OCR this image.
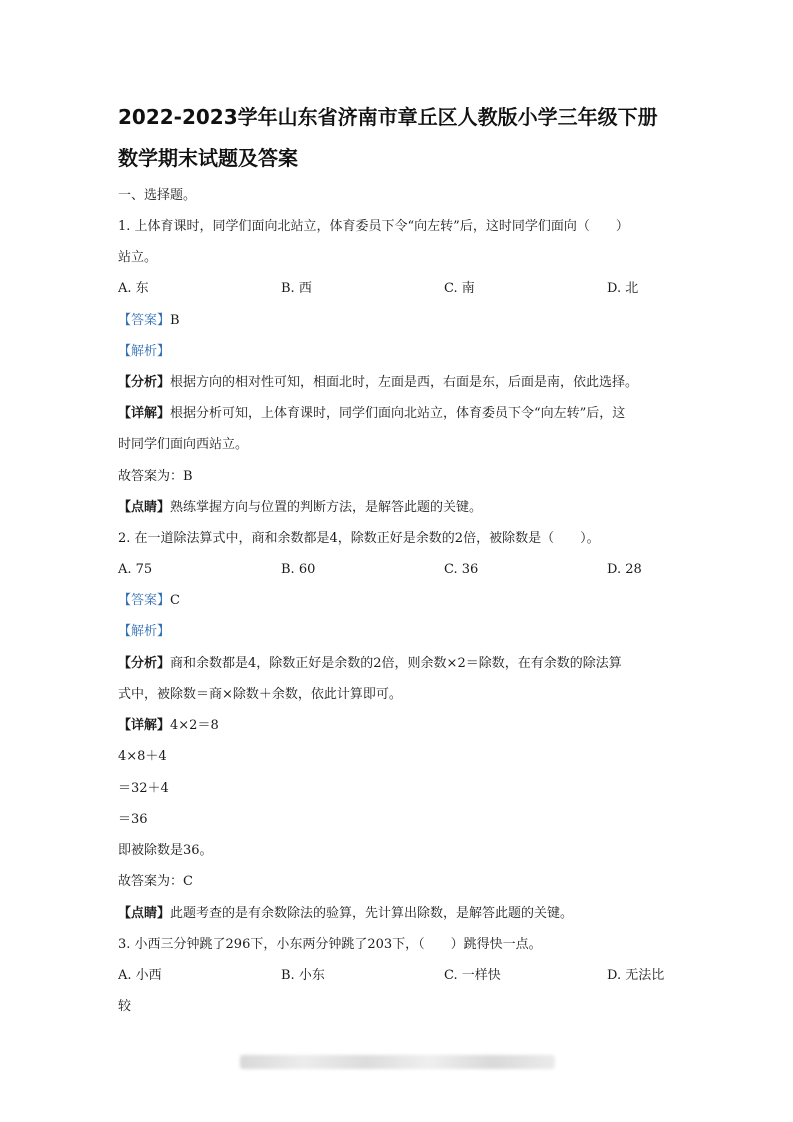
2022-2023学年山东省济南市章丘区人教版小学三年级下册
数学期末试题及答案
一、选择题。
1. 上体育课时，同学们面向北站立，体育委员下令“向左转”后，这时同学们面向（　　）
站立。
A. 东	B. 西	C. 南	D. 北
【答案】B
【解析】
【分析】根据方向的相对性可知，相面北时，左面是西，右面是东，后面是南，依此选择。
【详解】根据分析可知，上体育课时，同学们面向北站立，体育委员下令“向左转”后，这
时同学们面向西站立。
故答案为：B
【点睛】熟练掌握方向与位置的判断方法，是解答此题的关键。
2. 在一道除法算式中，商和余数都是4，除数正好是余数的2倍，被除数是（　　）。
A. 75	B. 60	C. 36	D. 28
【答案】C
【解析】
【分析】商和余数都是4，除数正好是余数的2倍，则余数×2＝除数，在有余数的除法算
式中，被除数＝商×除数＋余数，依此计算即可。
【详解】4×2＝8
4×8＋4
＝32＋4
＝36
即被除数是36。
故答案为：C
【点睛】此题考查的是有余数除法的验算，先计算出除数，是解答此题的关键。
3. 小西三分钟跳了296下，小东两分钟跳了203下，（　　）跳得快一点。
A. 小西	B. 小东	C. 一样快	D. 无法比
较
